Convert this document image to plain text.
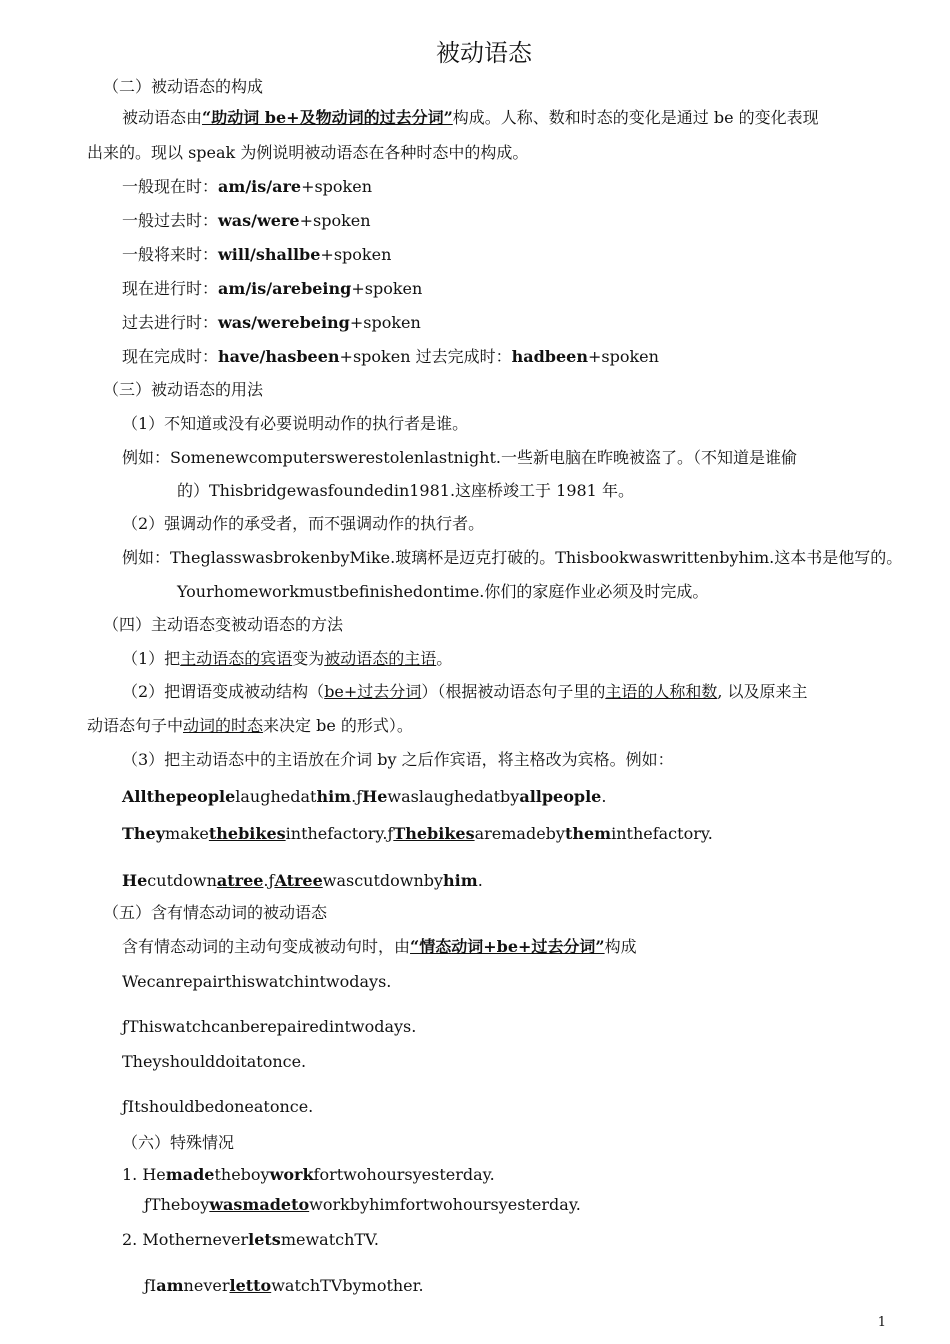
被动语态
（二）被动语态的构成
被动语态由“助动词 be+及物动词的过去分词”构成。人称、数和时态的变化是通过 be 的变化表现
出来的。现以 speak 为例说明被动语态在各种时态中的构成。
一般现在时：am/is/are+spoken
一般过去时：was/were+spoken
一般将来时：will/shallbe+spoken
现在进行时：am/is/arebeing+spoken
过去进行时：was/werebeing+spoken
现在完成时：have/hasbeen+spoken 过去完成时：hadbeen+spoken
（三）被动语态的用法
（1）不知道或没有必要说明动作的执行者是谁。
例如：Somenewcomputerswerestolenlastnight.一些新电脑在昨晚被盗了。（不知道是谁偷
的）Thisbridgewasfoundedin1981.这座桥竣工于 1981 年。
（2）强调动作的承受者，而不强调动作的执行者。
例如：TheglasswasbrokenbyMike.玻璃杯是迈克打破的。Thisbookwaswrittenbyhim.这本书是他写的。
Yourhomeworkmustbefinishedontime.你们的家庭作业必须及时完成。
（四）主动语态变被动语态的方法
（1）把主动语态的宾语变为被动语态的主语。
（2）把谓语变成被动结构（be+过去分词）（根据被动语态句子里的主语的人称和数, 以及原来主
动语态句子中动词的时态来决定 be 的形式）。
（3）把主动语态中的主语放在介词 by 之后作宾语，将主格改为宾格。例如：
Allthepeoplelaughedathim.ƒHewaslaughedatbyallpeople.
Theymakethebikesinthefactory.ƒThebikesaremadebytheminthefactory.
Hecutdownatree.ƒAtreewascutdownbyhim.
（五）含有情态动词的被动语态
含有情态动词的主动句变成被动句时，由“情态动词+be+过去分词”构成
Wecanrepairthiswatchintwodays.
ƒThiswatchcanberepairedintwodays.
Theyshoulddoitatonce.
ƒItshouldbedoneatonce.
（六）特殊情况
1. Hemadetheboyworkfortwohoursyesterday.
ƒTheboywasmadetoworkbyhimfortwohoursyesterday.
2. MotherneverletsmewatchTV.
ƒIamneverlettowatchTVbymother.
1
